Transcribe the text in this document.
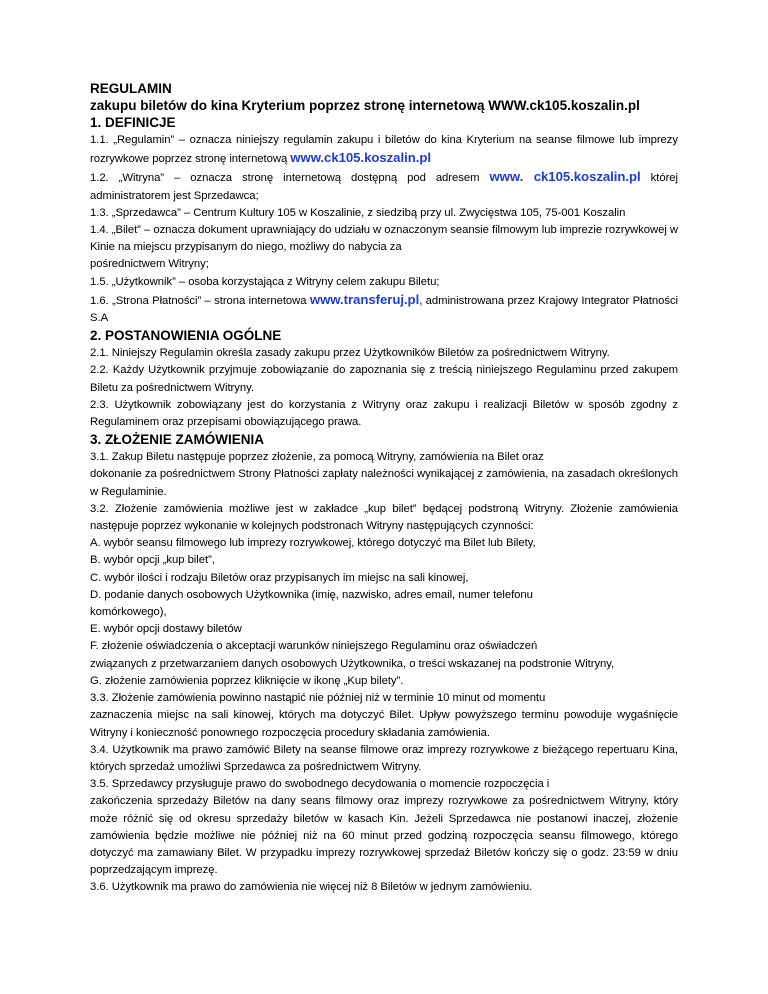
REGULAMIN

zakupu biletów do kina Kryterium poprzez stronę internetową WWW.ck105.koszalin.pl

1. DEFINICJE

1.1. „Regulamin” – oznacza niniejszy regulamin zakupu i biletów do kina Kryterium na seanse filmowe lub imprezy rozrywkowe poprzez stronę internetową www.ck105.koszalin.pl

1.2. „Witryna” – oznacza stronę internetową dostępną pod adresem www. ck105.koszalin.pl której administratorem jest Sprzedawca;

1.3. „Sprzedawca” – Centrum Kultury 105 w Koszalinie, z siedzibą przy ul. Zwycięstwa 105, 75-001 Koszalin

1.4. „Bilet” – oznacza dokument uprawniający do udziału w oznaczonym seansie filmowym lub imprezie rozrywkowej w Kinie na miejscu przypisanym do niego, możliwy do nabycia za

pośrednictwem Witryny;

1.5. „Użytkownik” – osoba korzystająca z Witryny celem zakupu Biletu;

1.6. „Strona Płatności” – strona internetowa www.transferuj.pl, administrowana przez Krajowy Integrator Płatności S.A

2. POSTANOWIENIA OGÓLNE

2.1. Niniejszy Regulamin określa zasady zakupu przez Użytkowników Biletów za pośrednictwem Witryny.

2.2. Każdy Użytkownik przyjmuje zobowiązanie do zapoznania się z treścią niniejszego Regulaminu przed zakupem Biletu za pośrednictwem Witryny.

2.3. Użytkownik zobowiązany jest do korzystania z Witryny oraz zakupu i realizacji Biletów w sposób zgodny z Regulaminem oraz przepisami obowiązującego prawa.

3. ZŁOŻENIE ZAMÓWIENIA

3.1. Zakup Biletu następuje poprzez złożenie, za pomocą Witryny, zamówienia na Bilet oraz

dokonanie za pośrednictwem Strony Płatności zapłaty należności wynikającej z zamówienia, na zasadach określonych w Regulaminie.

3.2. Złożenie zamówienia możliwe jest w zakładce „kup bilet” będącej podstroną Witryny. Złożenie zamówienia następuje poprzez wykonanie w kolejnych podstronach Witryny następujących czynności:

A. wybór seansu filmowego lub imprezy rozrywkowej, którego dotyczyć ma Bilet lub Bilety,

B. wybór opcji „kup bilet”,

C. wybór ilości i rodzaju Biletów oraz przypisanych im miejsc na sali kinowej,

D. podanie danych osobowych Użytkownika (imię, nazwisko, adres email, numer telefonu

komórkowego),

E. wybór opcji dostawy biletów

F. złożenie oświadczenia o akceptacji warunków niniejszego Regulaminu oraz oświadczeń

związanych z przetwarzaniem danych osobowych Użytkownika, o treści wskazanej na podstronie Witryny,

G. złożenie zamówienia poprzez kliknięcie w ikonę „Kup bilety”.

3.3. Złożenie zamówienia powinno nastąpić nie później niż w terminie 10 minut od momentu

zaznaczenia miejsc na sali kinowej, których ma dotyczyć Bilet. Upływ powyższego terminu powoduje wygaśnięcie Witryny i konieczność ponownego rozpoczęcia procedury składania zamówienia.

3.4. Użytkownik ma prawo zamówić Bilety na seanse filmowe oraz imprezy rozrywkowe z bieżącego repertuaru Kina, których sprzedaż umożliwi Sprzedawca za pośrednictwem Witryny.

3.5. Sprzedawcy przysługuje prawo do swobodnego decydowania o momencie rozpoczęcia i

zakończenia sprzedaży Biletów na dany seans filmowy oraz imprezy rozrywkowe za pośrednictwem Witryny, który może różnić się od okresu sprzedaży biletów w kasach Kin. Jeżeli Sprzedawca nie postanowi inaczej, złożenie zamówienia będzie możliwe nie później niż na 60 minut przed godziną rozpoczęcia seansu filmowego, którego dotyczyć ma zamawiany Bilet. W przypadku imprezy rozrywkowej sprzedaż Biletów kończy się o godz. 23:59 w dniu poprzedzającym imprezę.

3.6. Użytkownik ma prawo do zamówienia nie więcej niż 8 Biletów w jednym zamówieniu.
